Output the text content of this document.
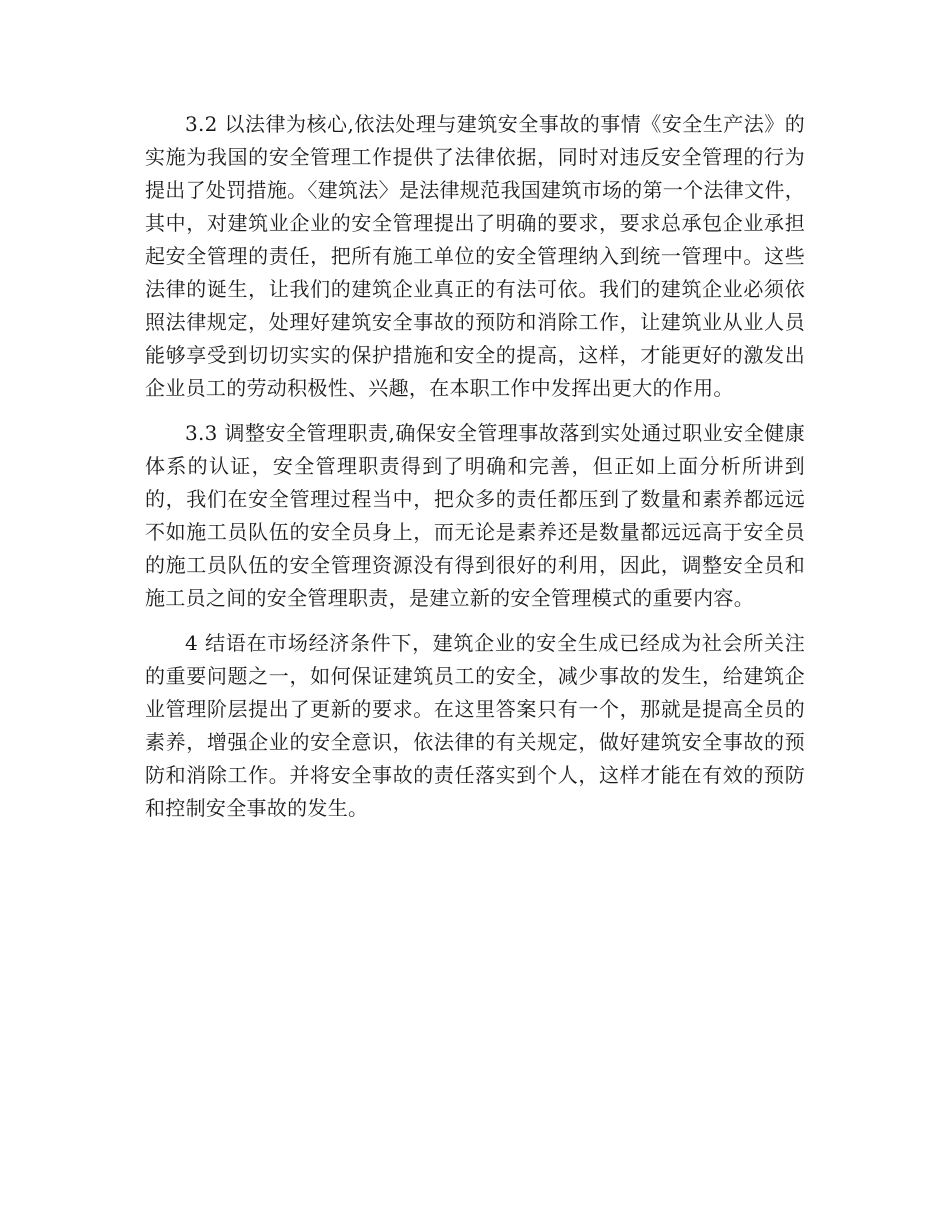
3.2 以法律为核心,依法处理与建筑安全事故的事情《安全生产法》的实施为我国的安全管理工作提供了法律依据，同时对违反安全管理的行为提出了处罚措施。〈建筑法〉是法律规范我国建筑市场的第一个法律文件，其中，对建筑业企业的安全管理提出了明确的要求，要求总承包企业承担起安全管理的责任，把所有施工单位的安全管理纳入到统一管理中。这些法律的诞生，让我们的建筑企业真正的有法可依。我们的建筑企业必须依照法律规定，处理好建筑安全事故的预防和消除工作，让建筑业从业人员能够享受到切切实实的保护措施和安全的提高，这样，才能更好的激发出企业员工的劳动积极性、兴趣，在本职工作中发挥出更大的作用。

3.3 调整安全管理职责,确保安全管理事故落到实处通过职业安全健康体系的认证，安全管理职责得到了明确和完善，但正如上面分析所讲到的，我们在安全管理过程当中，把众多的责任都压到了数量和素养都远远不如施工员队伍的安全员身上，而无论是素养还是数量都远远高于安全员的施工员队伍的安全管理资源没有得到很好的利用，因此，调整安全员和施工员之间的安全管理职责，是建立新的安全管理模式的重要内容。

4 结语在市场经济条件下，建筑企业的安全生成已经成为社会所关注的重要问题之一，如何保证建筑员工的安全，减少事故的发生，给建筑企业管理阶层提出了更新的要求。在这里答案只有一个，那就是提高全员的素养，增强企业的安全意识，依法律的有关规定，做好建筑安全事故的预防和消除工作。并将安全事故的责任落实到个人，这样才能在有效的预防和控制安全事故的发生。
